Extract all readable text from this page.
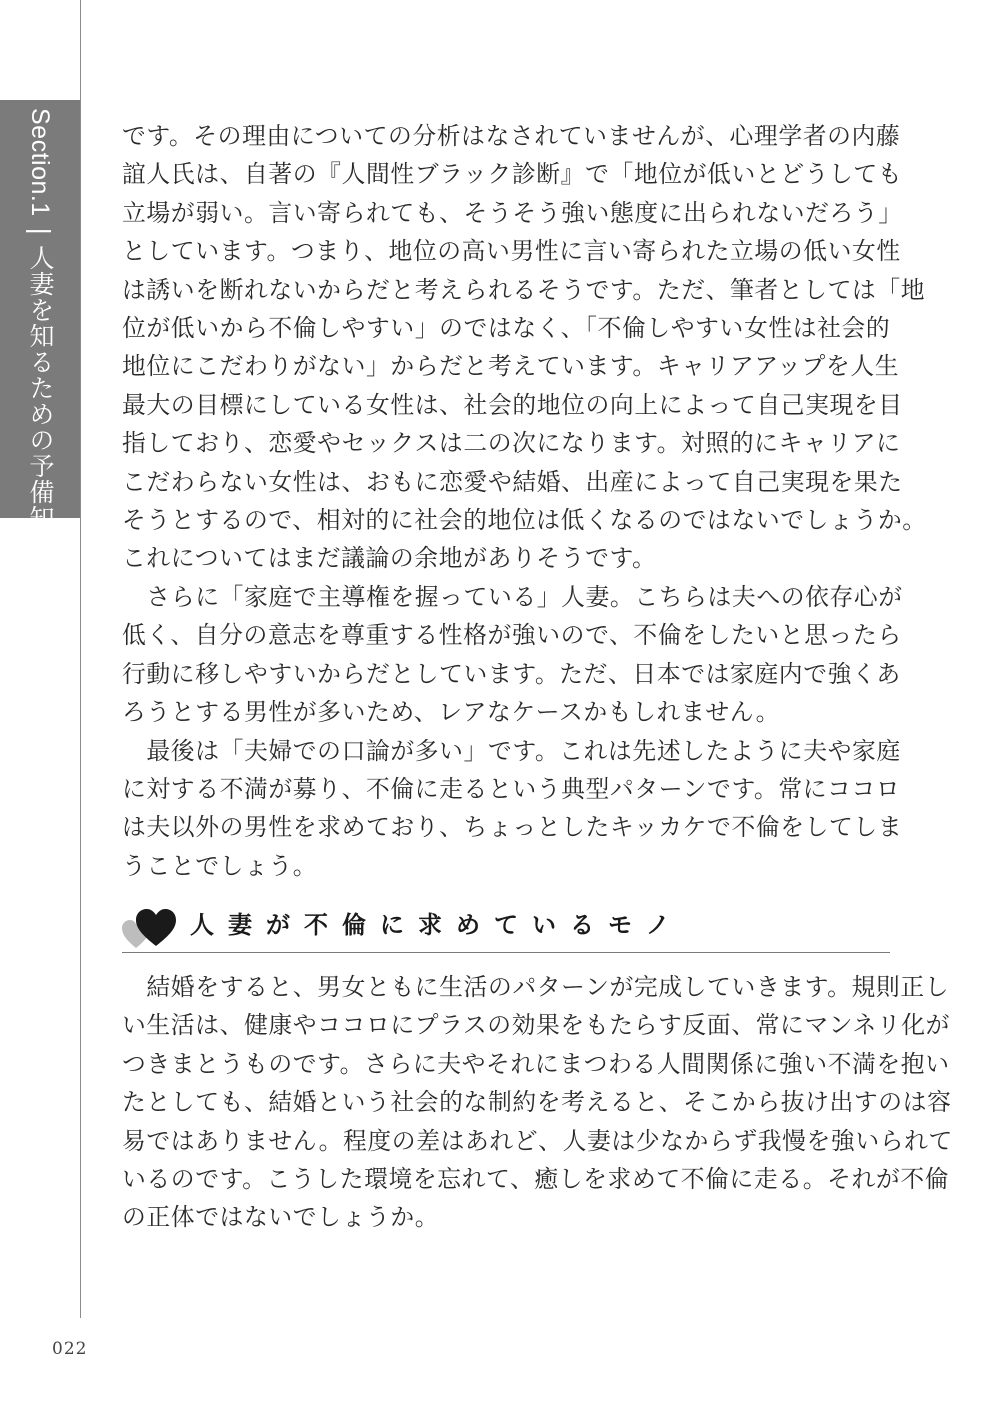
Section.1|人妻を知るための予備知識

です。その理由についての分析はなされていませんが、心理学者の内藤

誼人氏は、自著の『人間性ブラック診断』で「地位が低いとどうしても

立場が弱い。言い寄られても、そうそう強い態度に出られないだろう」

としています。つまり、地位の高い男性に言い寄られた立場の低い女性

は誘いを断れないからだと考えられるそうです。ただ、筆者としては「地

位が低いから不倫しやすい」のではなく、「不倫しやすい女性は社会的

地位にこだわりがない」からだと考えています。キャリアアップを人生

最大の目標にしている女性は、社会的地位の向上によって自己実現を目

指しており、恋愛やセックスは二の次になります。対照的にキャリアに

こだわらない女性は、おもに恋愛や結婚、出産によって自己実現を果た

そうとするので、相対的に社会的地位は低くなるのではないでしょうか。

これについてはまだ議論の余地がありそうです。

　さらに「家庭で主導権を握っている」人妻。こちらは夫への依存心が

低く、自分の意志を尊重する性格が強いので、不倫をしたいと思ったら

行動に移しやすいからだとしています。ただ、日本では家庭内で強くあ

ろうとする男性が多いため、レアなケースかもしれません。

　最後は「夫婦での口論が多い」です。これは先述したように夫や家庭

に対する不満が募り、不倫に走るという典型パターンです。常にココロ

は夫以外の男性を求めており、ちょっとしたキッカケで不倫をしてしま

うことでしょう。

人妻が不倫に求めているモノ

　結婚をすると、男女ともに生活のパターンが完成していきます。規則正し

い生活は、健康やココロにプラスの効果をもたらす反面、常にマンネリ化が

つきまとうものです。さらに夫やそれにまつわる人間関係に強い不満を抱い

たとしても、結婚という社会的な制約を考えると、そこから抜け出すのは容

易ではありません。程度の差はあれど、人妻は少なからず我慢を強いられて

いるのです。こうした環境を忘れて、癒しを求めて不倫に走る。それが不倫

の正体ではないでしょうか。

022
